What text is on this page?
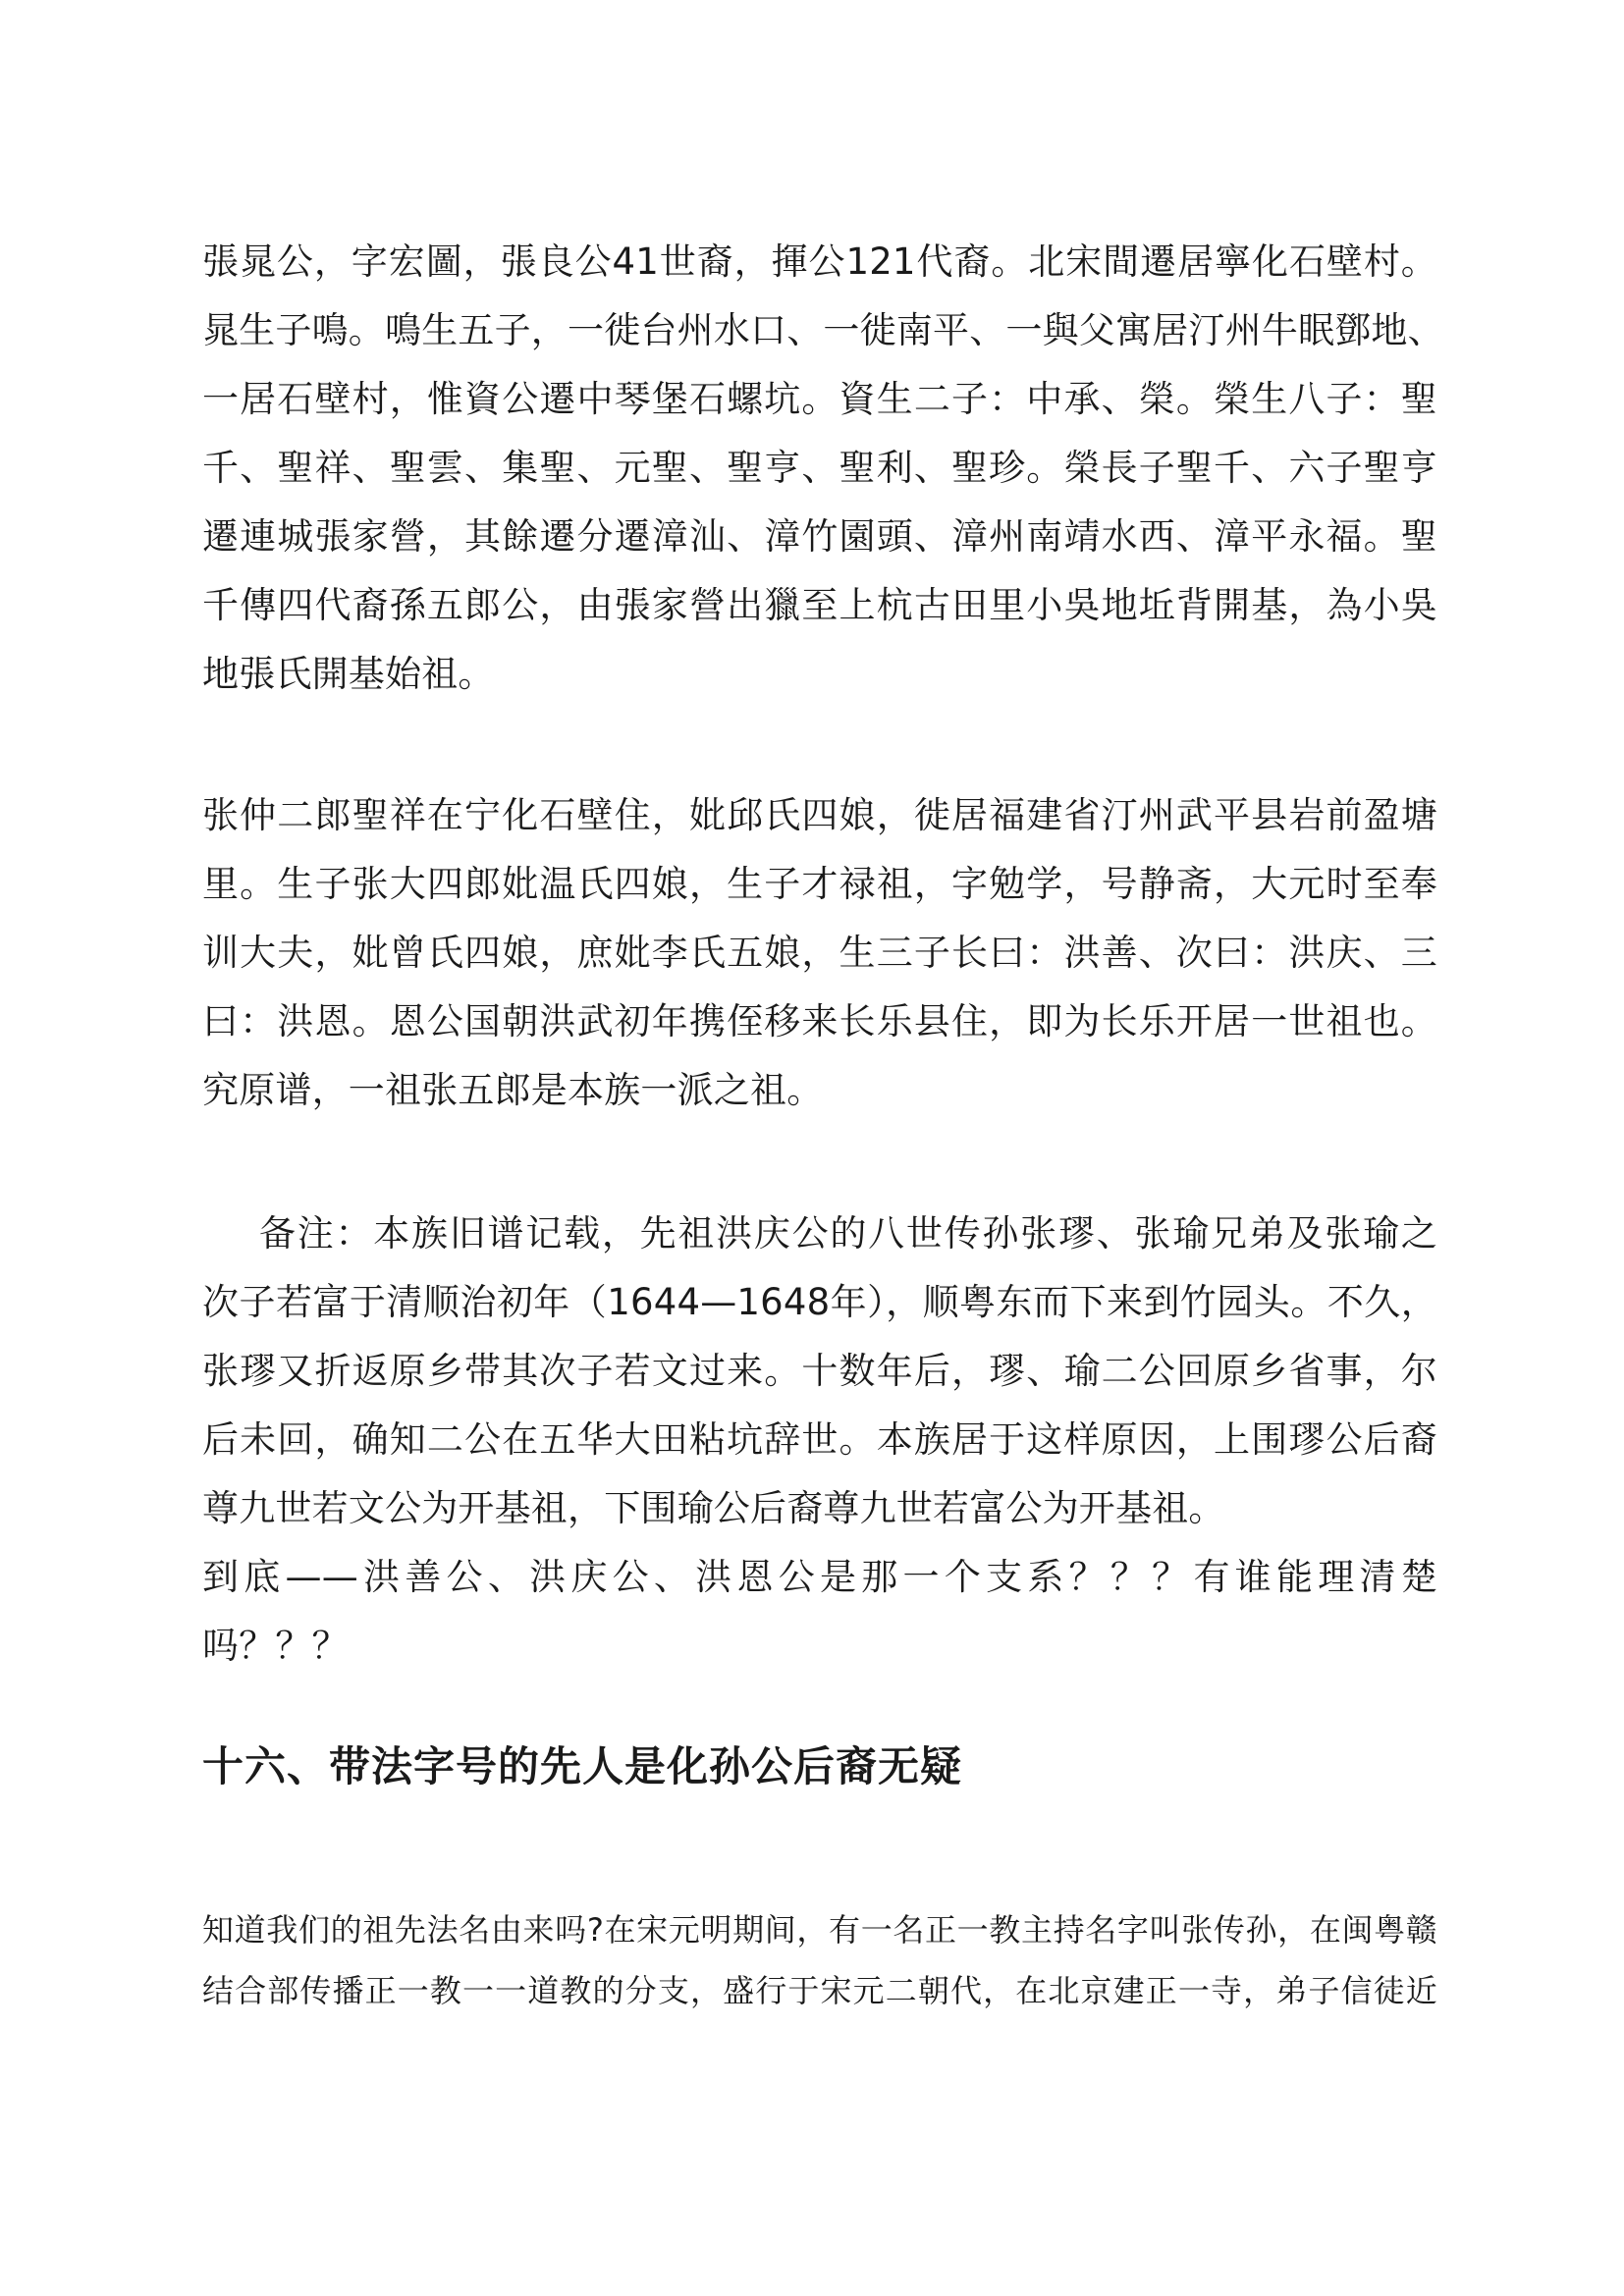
張晁公，字宏圖，張良公41世裔，揮公121代裔。北宋間遷居寧化石壁村。
晁生子鳴。鳴生五子，一徙台州水口、一徙南平、一與父寓居汀州牛眠鄧地、
一居石壁村，惟資公遷中琴堡石螺坑。資生二子：中承、榮。榮生八子：聖
千、聖祥、聖雲、集聖、元聖、聖亨、聖利、聖珍。榮長子聖千、六子聖亨
遷連城張家營，其餘遷分遷漳汕、漳竹園頭、漳州南靖水西、漳平永福。聖
千傳四代裔孫五郎公，由張家營出獵至上杭古田里小吳地坵背開基，為小吳
地張氏開基始祖。
张仲二郎聖祥在宁化石壁住，妣邱氏四娘，徙居福建省汀州武平县岩前盈塘
里。生子张大四郎妣温氏四娘，生子才禄祖，字勉学，号静斋，大元时至奉
训大夫，妣曾氏四娘，庶妣李氏五娘，生三子长曰：洪善、次曰：洪庆、三
曰：洪恩。恩公国朝洪武初年携侄移来长乐县住，即为长乐开居一世祖也。
究原谱，一祖张五郎是本族一派之祖。
备注：本族旧谱记载，先祖洪庆公的八世传孙张璆、张瑜兄弟及张瑜之
次子若富于清顺治初年（1644—1648年），顺粤东而下来到竹园头。不久，
张璆又折返原乡带其次子若文过来。十数年后，璆、瑜二公回原乡省事，尔
后未回，确知二公在五华大田粘坑辞世。本族居于这样原因，上围璆公后裔
尊九世若文公为开基祖，下围瑜公后裔尊九世若富公为开基祖。
到底——洪善公、洪庆公、洪恩公是那一个支系？？？有谁能理清楚
吗？？？
十六、带法字号的先人是化孙公后裔无疑
知道我们的祖先法名由来吗?在宋元明期间，有一名正一教主持名字叫张传孙，在闽粤赣
结合部传播正一教一一道教的分支，盛行于宋元二朝代，在北京建正一寺，弟子信徒近
